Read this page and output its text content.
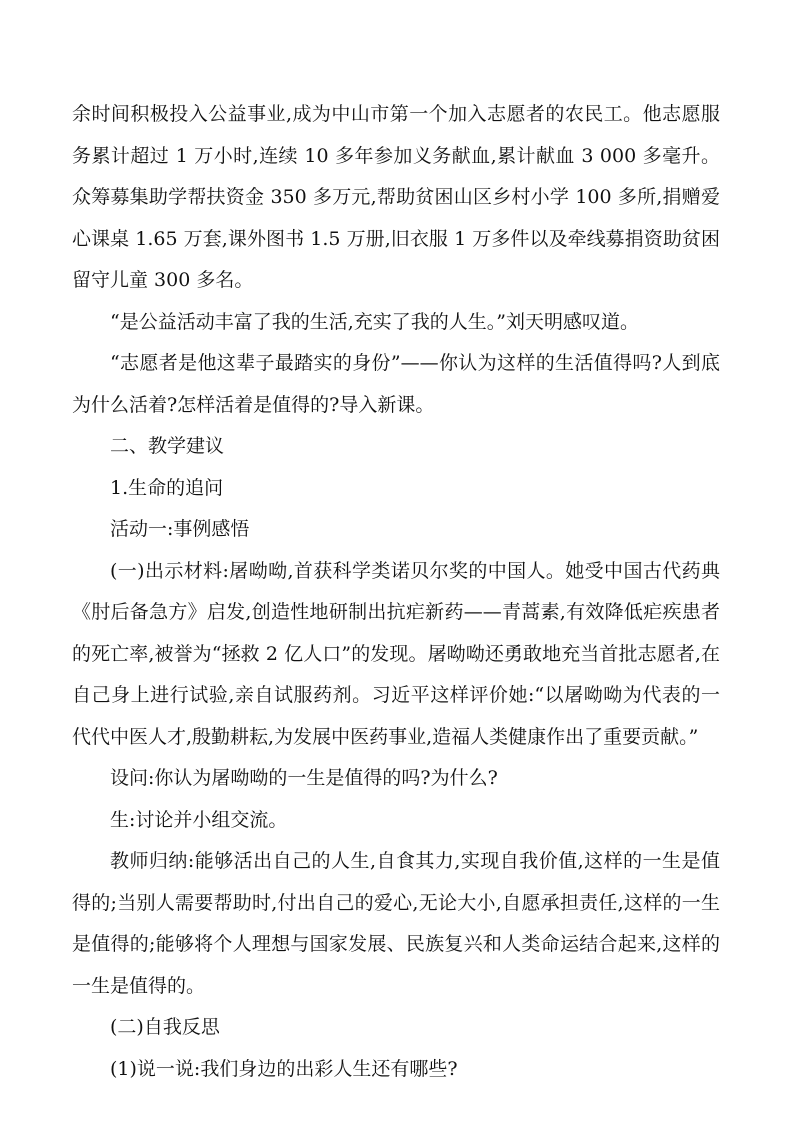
余时间积极投入公益事业,成为中山市第一个加入志愿者的农民工。他志愿服务累计超过 1 万小时,连续 10 多年参加义务献血,累计献血 3 000 多毫升。众筹募集助学帮扶资金 350 多万元,帮助贫困山区乡村小学 100 多所,捐赠爱心课桌 1.65 万套,课外图书 1.5 万册,旧衣服 1 万多件以及牵线募捐资助贫困留守儿童 300 多名。

“是公益活动丰富了我的生活,充实了我的人生。”刘天明感叹道。

“志愿者是他这辈子最踏实的身份”——你认为这样的生活值得吗?人到底为什么活着?怎样活着是值得的?导入新课。

二、教学建议

1.生命的追问

活动一:事例感悟

(一)出示材料:屠呦呦,首获科学类诺贝尔奖的中国人。她受中国古代药典《肘后备急方》启发,创造性地研制出抗疟新药——青蒿素,有效降低疟疾患者的死亡率,被誉为“拯救 2 亿人口”的发现。屠呦呦还勇敢地充当首批志愿者,在自己身上进行试验,亲自试服药剂。习近平这样评价她:“以屠呦呦为代表的一代代中医人才,殷勤耕耘,为发展中医药事业,造福人类健康作出了重要贡献。”

设问:你认为屠呦呦的一生是值得的吗?为什么?

生:讨论并小组交流。

教师归纳:能够活出自己的人生,自食其力,实现自我价值,这样的一生是值得的;当别人需要帮助时,付出自己的爱心,无论大小,自愿承担责任,这样的一生是值得的;能够将个人理想与国家发展、民族复兴和人类命运结合起来,这样的一生是值得的。

(二)自我反思

(1)说一说:我们身边的出彩人生还有哪些?
